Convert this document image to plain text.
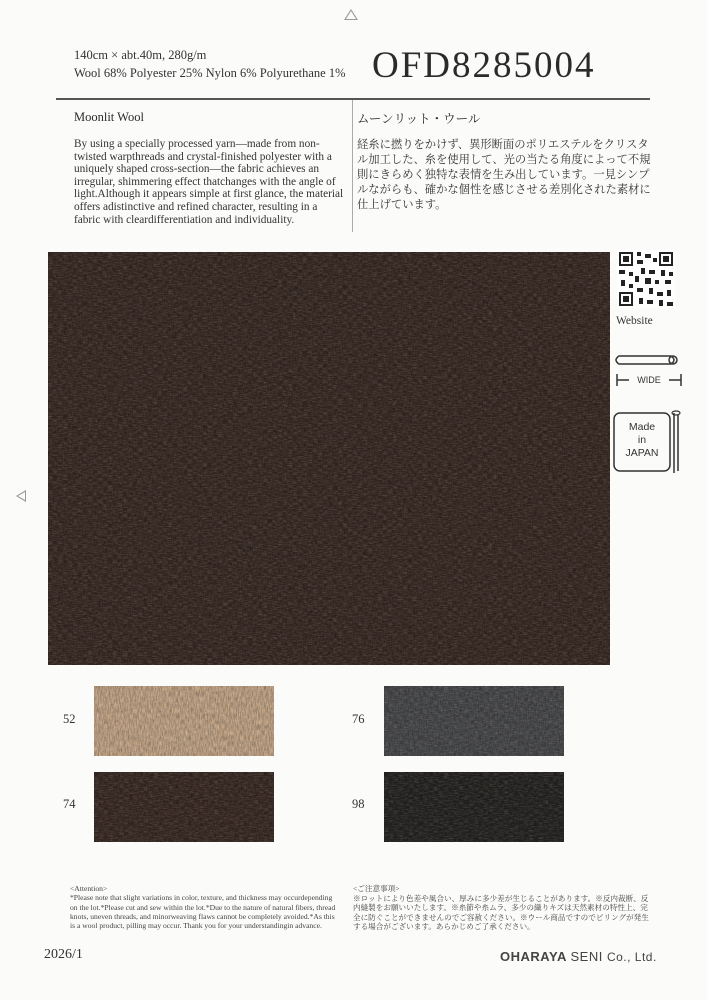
140cm × abt.40m, 280g/m
Wool 68% Polyester 25% Nylon 6% Polyurethane 1% OFD8285004
Moonlit Wool	ムーンリット・ウール
By using a specially processed yarn—made from non-twisted warpthreads and crystal-finished polyester with a uniquely shaped cross-section—the fabric achieves an irregular, shimmering effect thatchanges with the angle of light.Although it appears simple at first glance, the material offers adistinctive and refined character, resulting in a fabric with cleardifferentiation and individuality.
経糸に撚りをかけず、異形断面のポリエステルをクリスタル加工した、糸を使用して、光の当たる角度によって不規則にきらめく独特な表情を生み出しています。一見シンプルながらも、確かな個性を感じさせる差別化された素材に仕上げています。
52	76
74	98
Website
WIDE
Made
in
JAPAN
<Attention>
*Please note that slight variations in color, texture, and thickness may occurdepending on the lot.*Please cut and sew within the lot.*Due to the nature of natural fibers, thread knots, uneven threads, and minorweaving flaws cannot be completely avoided.*As this is a wool product, pilling may occur. Thank you for your understandingin advance.
<ご注意事項>
※ロットにより色差や風合い、厚みに多少差が生じることがあります。※反内裁断、反内縫製をお願いいたします。※糸節や糸ムラ、多少の織りキズは天然素材の特性上、完全に防ぐことができませんのでご容赦ください。※ウール商品ですのでピリングが発生する場合がございます。あらかじめご了承ください。
2026/1	OHARAYA SENI Co., Ltd.
